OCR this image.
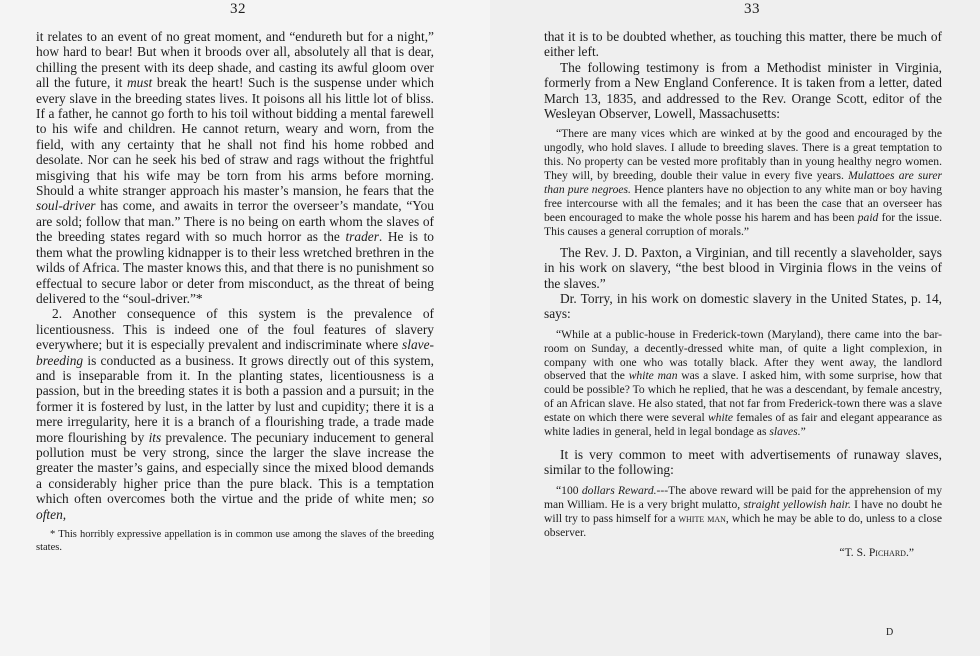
32

it relates to an event of no great moment, and “endureth but for a night,” how hard to bear! But when it broods over all, absolutely all that is dear, chilling the present with its deep shade, and casting its awful gloom over all the future, it must break the heart! Such is the suspense under which every slave in the breeding states lives. It poisons all his little lot of bliss. If a father, he cannot go forth to his toil without bidding a mental farewell to his wife and children. He cannot return, weary and worn, from the field, with any certainty that he shall not find his home robbed and desolate. Nor can he seek his bed of straw and rags without the frightful misgiving that his wife may be torn from his arms before morning. Should a white stranger approach his master’s mansion, he fears that the soul-driver has come, and awaits in terror the overseer’s mandate, “You are sold; follow that man.” There is no being on earth whom the slaves of the breeding states regard with so much horror as the trader. He is to them what the prowling kidnapper is to their less wretched brethren in the wilds of Africa. The master knows this, and that there is no punishment so effectual to secure labor or deter from misconduct, as the threat of being delivered to the “soul-driver.”*

2. Another consequence of this system is the prevalence of licentiousness. This is indeed one of the foul features of slavery everywhere; but it is especially prevalent and indiscriminate where slave-breeding is conducted as a business. It grows directly out of this system, and is inseparable from it. In the planting states, licentiousness is a passion, but in the breeding states it is both a passion and a pursuit; in the former it is fostered by lust, in the latter by lust and cupidity; there it is a mere irregularity, here it is a branch of a flourishing trade, a trade made more flourishing by its prevalence. The pecuniary inducement to general pollution must be very strong, since the larger the slave increase the greater the master’s gains, and especially since the mixed blood demands a considerably higher price than the pure black. This is a temptation which often overcomes both the virtue and the pride of white men; so often,

* This horribly expressive appellation is in common use among the slaves of the breeding states.

33

that it is to be doubted whether, as touching this matter, there be much of either left.

The following testimony is from a Methodist minister in Virginia, formerly from a New England Conference. It is taken from a letter, dated March 13, 1835, and addressed to the Rev. Orange Scott, editor of the Wesleyan Observer, Lowell, Massachusetts:

“There are many vices which are winked at by the good and encouraged by the ungodly, who hold slaves. I allude to breeding slaves. There is a great temptation to this. No property can be vested more profitably than in young healthy negro women. They will, by breeding, double their value in every five years. Mulattoes are surer than pure negroes. Hence planters have no objection to any white man or boy having free intercourse with all the females; and it has been the case that an overseer has been encouraged to make the whole posse his harem and has been paid for the issue. This causes a general corruption of morals.”

The Rev. J. D. Paxton, a Virginian, and till recently a slaveholder, says in his work on slavery, “the best blood in Virginia flows in the veins of the slaves.”

Dr. Torry, in his work on domestic slavery in the United States, p. 14, says:

“While at a public-house in Frederick-town (Maryland), there came into the bar-room on Sunday, a decently-dressed white man, of quite a light complexion, in company with one who was totally black. After they went away, the landlord observed that the white man was a slave. I asked him, with some surprise, how that could be possible? To which he replied, that he was a descendant, by female ancestry, of an African slave. He also stated, that not far from Frederick-town there was a slave estate on which there were several white females of as fair and elegant appearance as white ladies in general, held in legal bondage as slaves.”

It is very common to meet with advertisements of runaway slaves, similar to the following:

“100 dollars Reward.---The above reward will be paid for the apprehension of my man William. He is a very bright mulatto, straight yellowish hair. I have no doubt he will try to pass himself for a white man, which he may be able to do, unless to a close observer.

“T. S. Pichard.”

D
